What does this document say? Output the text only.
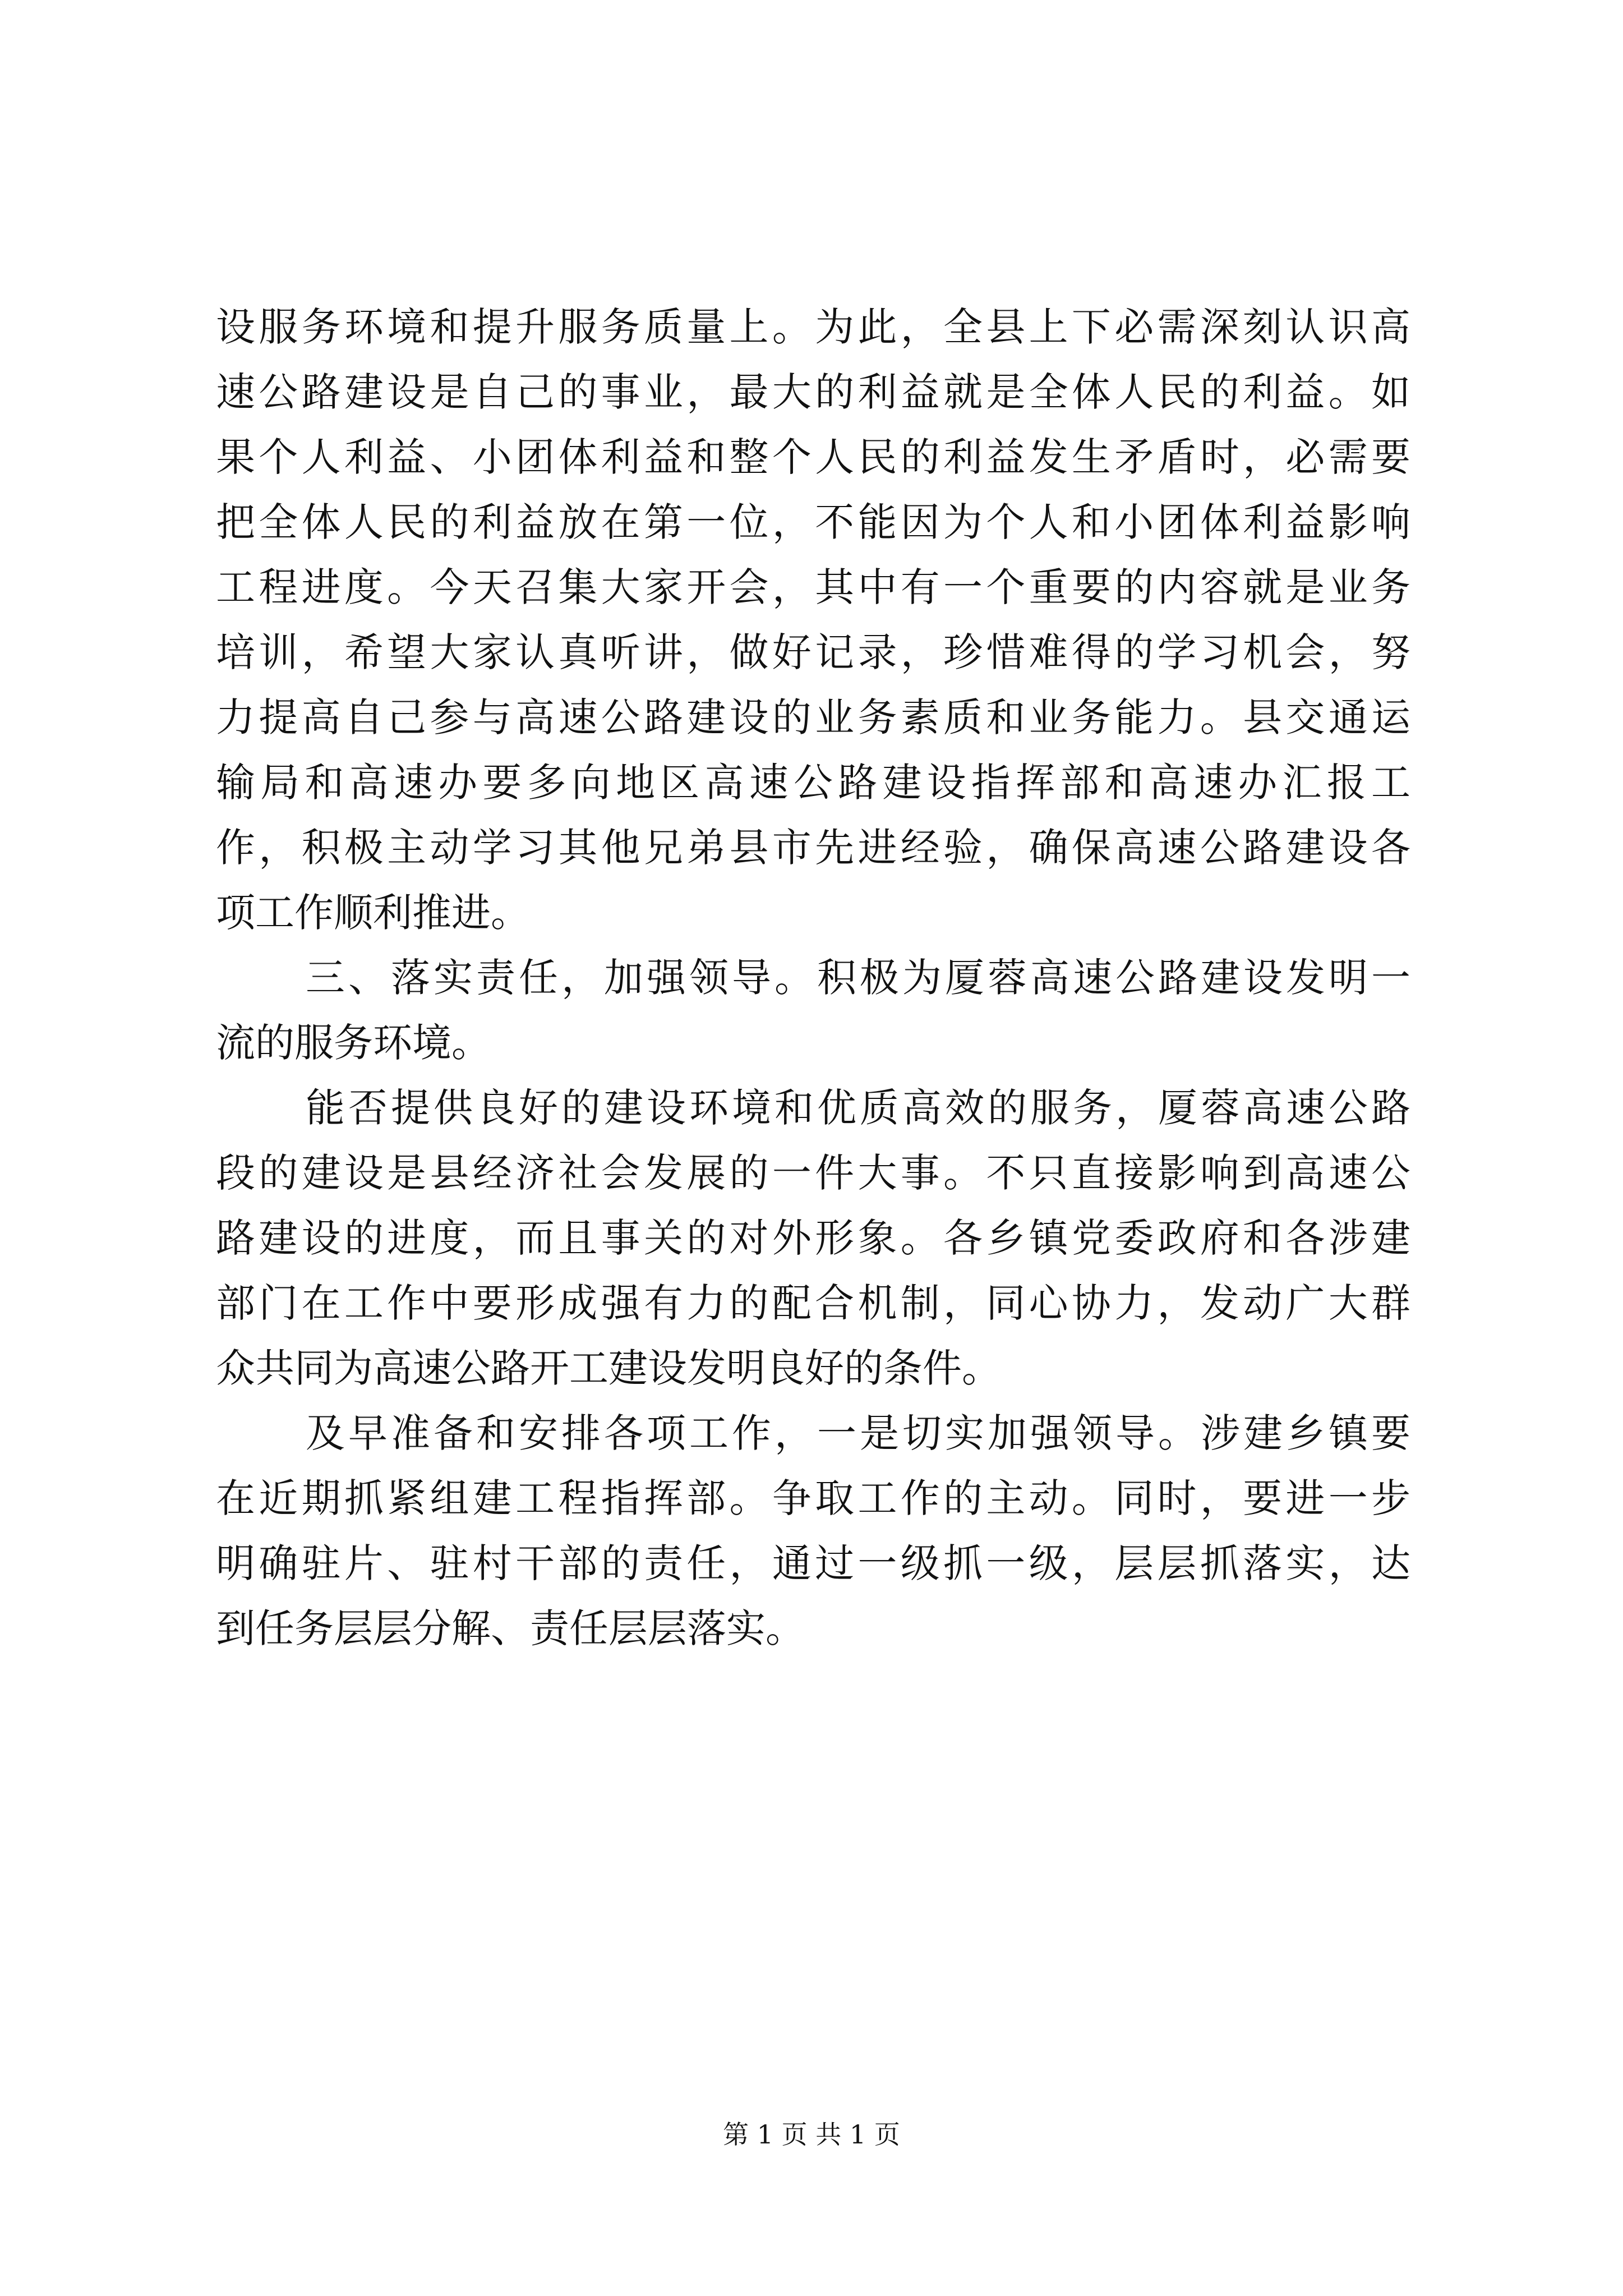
设服务环境和提升服务质量上。为此，全县上下必需深刻认识高
速公路建设是自己的事业，最大的利益就是全体人民的利益。如
果个人利益、小团体利益和整个人民的利益发生矛盾时，必需要
把全体人民的利益放在第一位，不能因为个人和小团体利益影响
工程进度。今天召集大家开会，其中有一个重要的内容就是业务
培训，希望大家认真听讲，做好记录，珍惜难得的学习机会，努
力提高自己参与高速公路建设的业务素质和业务能力。县交通运
输局和高速办要多向地区高速公路建设指挥部和高速办汇报工
作，积极主动学习其他兄弟县市先进经验，确保高速公路建设各
项工作顺利推进。
三、落实责任，加强领导。积极为厦蓉高速公路建设发明一
流的服务环境。
能否提供良好的建设环境和优质高效的服务，厦蓉高速公路
段的建设是县经济社会发展的一件大事。不只直接影响到高速公
路建设的进度，而且事关的对外形象。各乡镇党委政府和各涉建
部门在工作中要形成强有力的配合机制，同心协力，发动广大群
众共同为高速公路开工建设发明良好的条件。
及早准备和安排各项工作，一是切实加强领导。涉建乡镇要
在近期抓紧组建工程指挥部。争取工作的主动。同时，要进一步
明确驻片、驻村干部的责任，通过一级抓一级，层层抓落实，达
到任务层层分解、责任层层落实。
第 1 页 共 1 页
